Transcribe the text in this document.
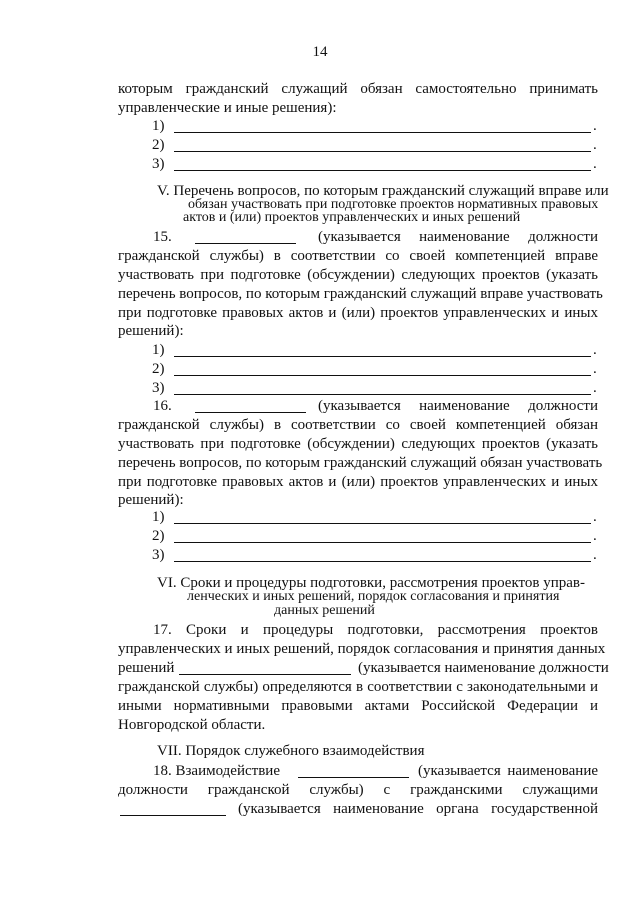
14
которым гражданский служащий обязан самостоятельно принимать
управленческие и иные решения):
1)	.
2)	.
3)	.
V. Перечень вопросов, по которым гражданский служащий вправе или
обязан участвовать при подготовке проектов нормативных правовых
актов и (или) проектов управленческих и иных решений
15.	(указывается наименование должности
гражданской службы) в соответствии со своей компетенцией вправе
участвовать при подготовке (обсуждении) следующих проектов (указать
перечень вопросов, по которым гражданский служащий вправе участвовать
при подготовке правовых актов и (или) проектов управленческих и иных
решений):
1)	.
2)	.
3)	.
16.	(указывается наименование должности
гражданской службы) в соответствии со своей компетенцией обязан
участвовать при подготовке (обсуждении) следующих проектов (указать
перечень вопросов, по которым гражданский служащий обязан участвовать
при подготовке правовых актов и (или) проектов управленческих и иных
решений):
1)	.
2)	.
3)	.
VI. Сроки и процедуры подготовки, рассмотрения проектов управ-
ленческих и иных решений, порядок согласования и принятия
данных решений
17. Сроки и процедуры подготовки, рассмотрения проектов
управленческих и иных решений, порядок согласования и принятия данных
решений	(указывается наименование должности
гражданской службы) определяются в соответствии с законодательными и
иными нормативными правовыми актами Российской Федерации и
Новгородской области.
VII. Порядок служебного взаимодействия
18. Взаимодействие	(указывается наименование
должности гражданской службы) с гражданскими служащими
(указывается наименование органа государственной
